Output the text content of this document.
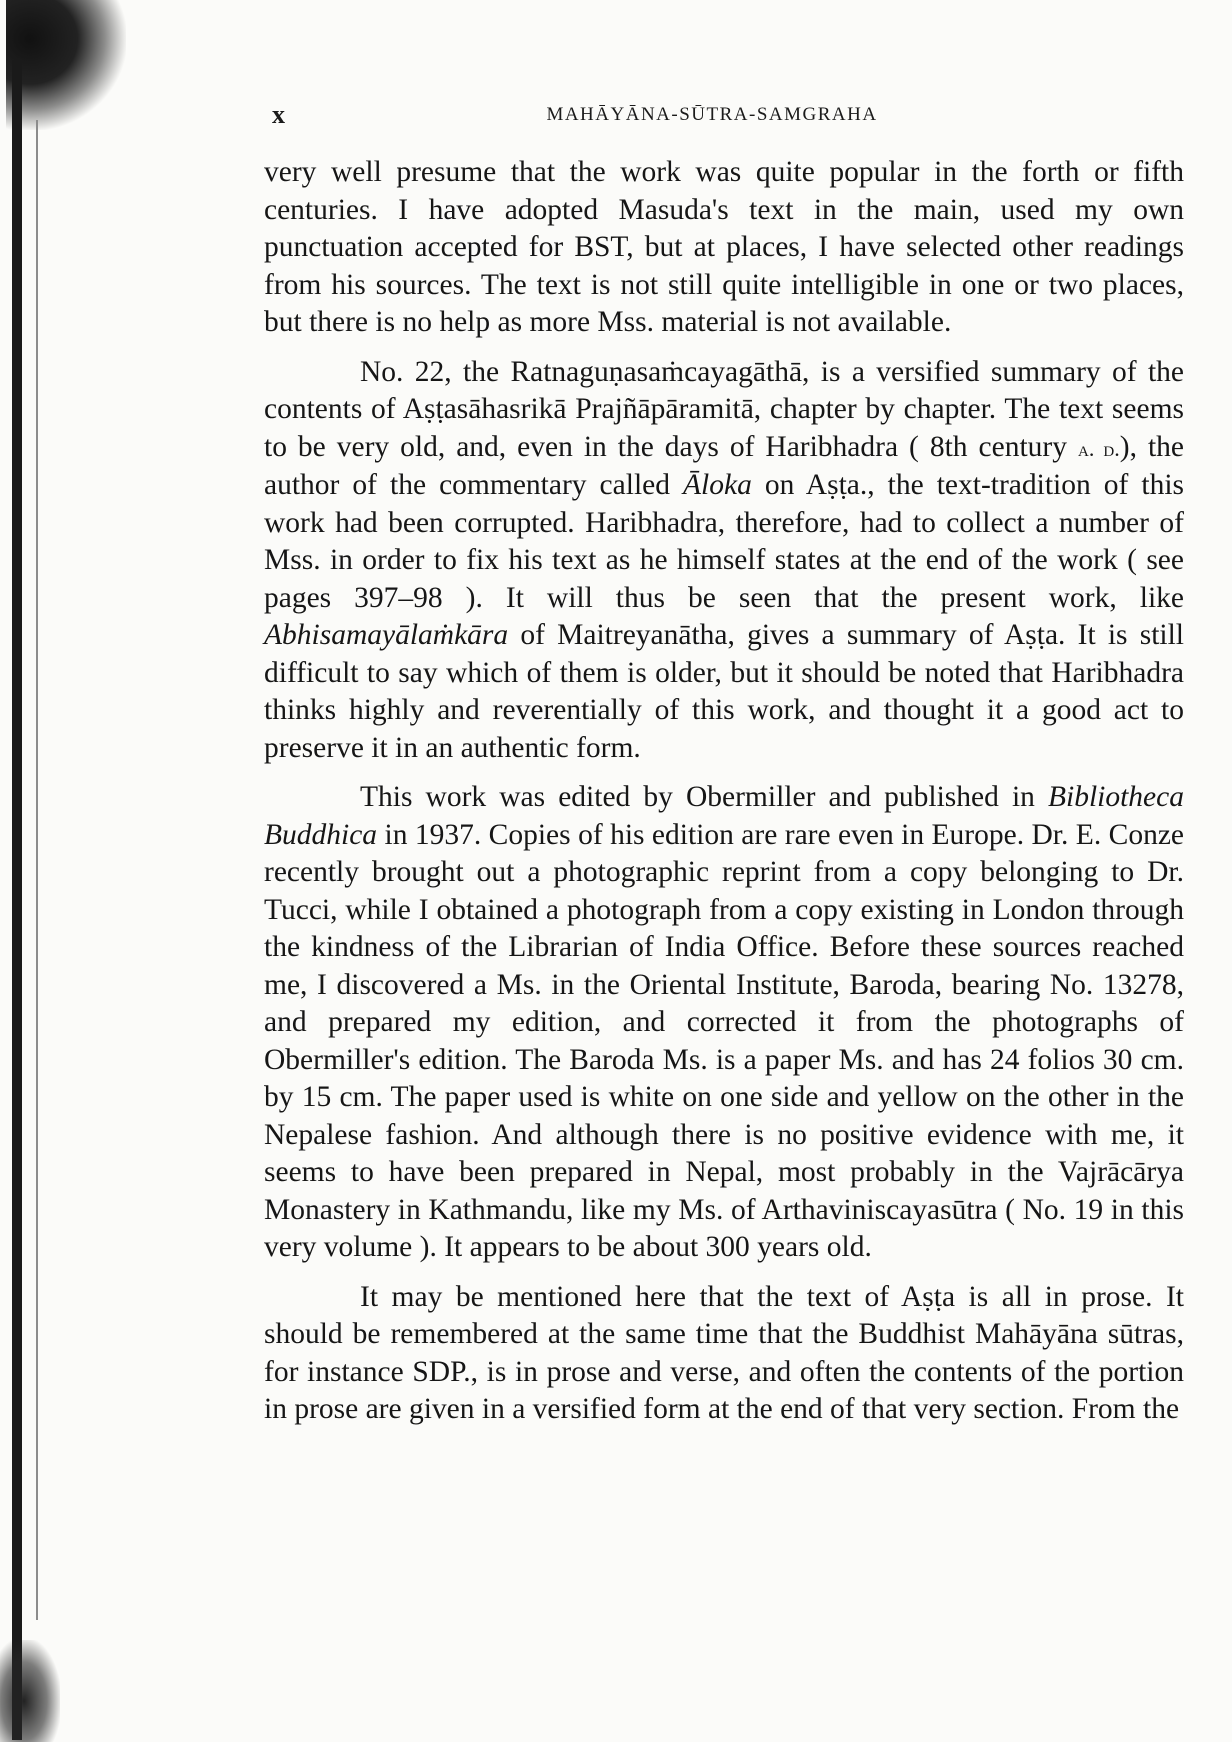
x	MAHĀYĀNA-SŪTRA-SAMGRAHA

very well presume that the work was quite popular in the forth or fifth centuries. I have adopted Masuda's text in the main, used my own punctuation accepted for BST, but at places, I have selected other readings from his sources. The text is not still quite intelligible in one or two places, but there is no help as more Mss. material is not available.

No. 22, the Ratnaguṇasaṁcayagāthā, is a versified summary of the contents of Aṣṭasāhasrikā Prajñāpāramitā, chapter by chapter. The text seems to be very old, and, even in the days of Haribhadra ( 8th century a. d.), the author of the commentary called Āloka on Aṣṭa., the text-tradition of this work had been corrupted. Haribhadra, therefore, had to collect a number of Mss. in order to fix his text as he himself states at the end of the work ( see pages 397–98 ). It will thus be seen that the present work, like Abhisamayālaṁkāra of Maitreyanātha, gives a summary of Aṣṭa. It is still difficult to say which of them is older, but it should be noted that Haribhadra thinks highly and reverentially of this work, and thought it a good act to preserve it in an authentic form.

This work was edited by Obermiller and published in Bibliotheca Buddhica in 1937. Copies of his edition are rare even in Europe. Dr. E. Conze recently brought out a photographic reprint from a copy belonging to Dr. Tucci, while I obtained a photograph from a copy existing in London through the kindness of the Librarian of India Office. Before these sources reached me, I discovered a Ms. in the Oriental Institute, Baroda, bearing No. 13278, and prepared my edition, and corrected it from the photographs of Obermiller's edition. The Baroda Ms. is a paper Ms. and has 24 folios 30 cm. by 15 cm. The paper used is white on one side and yellow on the other in the Nepalese fashion. And although there is no positive evidence with me, it seems to have been prepared in Nepal, most probably in the Vajrācārya Monastery in Kathmandu, like my Ms. of Arthaviniscayasūtra ( No. 19 in this very volume ). It appears to be about 300 years old.

It may be mentioned here that the text of Aṣṭa is all in prose. It should be remembered at the same time that the Buddhist Mahāyāna sūtras, for instance SDP., is in prose and verse, and often the contents of the portion in prose are given in a versified form at the end of that very section. From the
